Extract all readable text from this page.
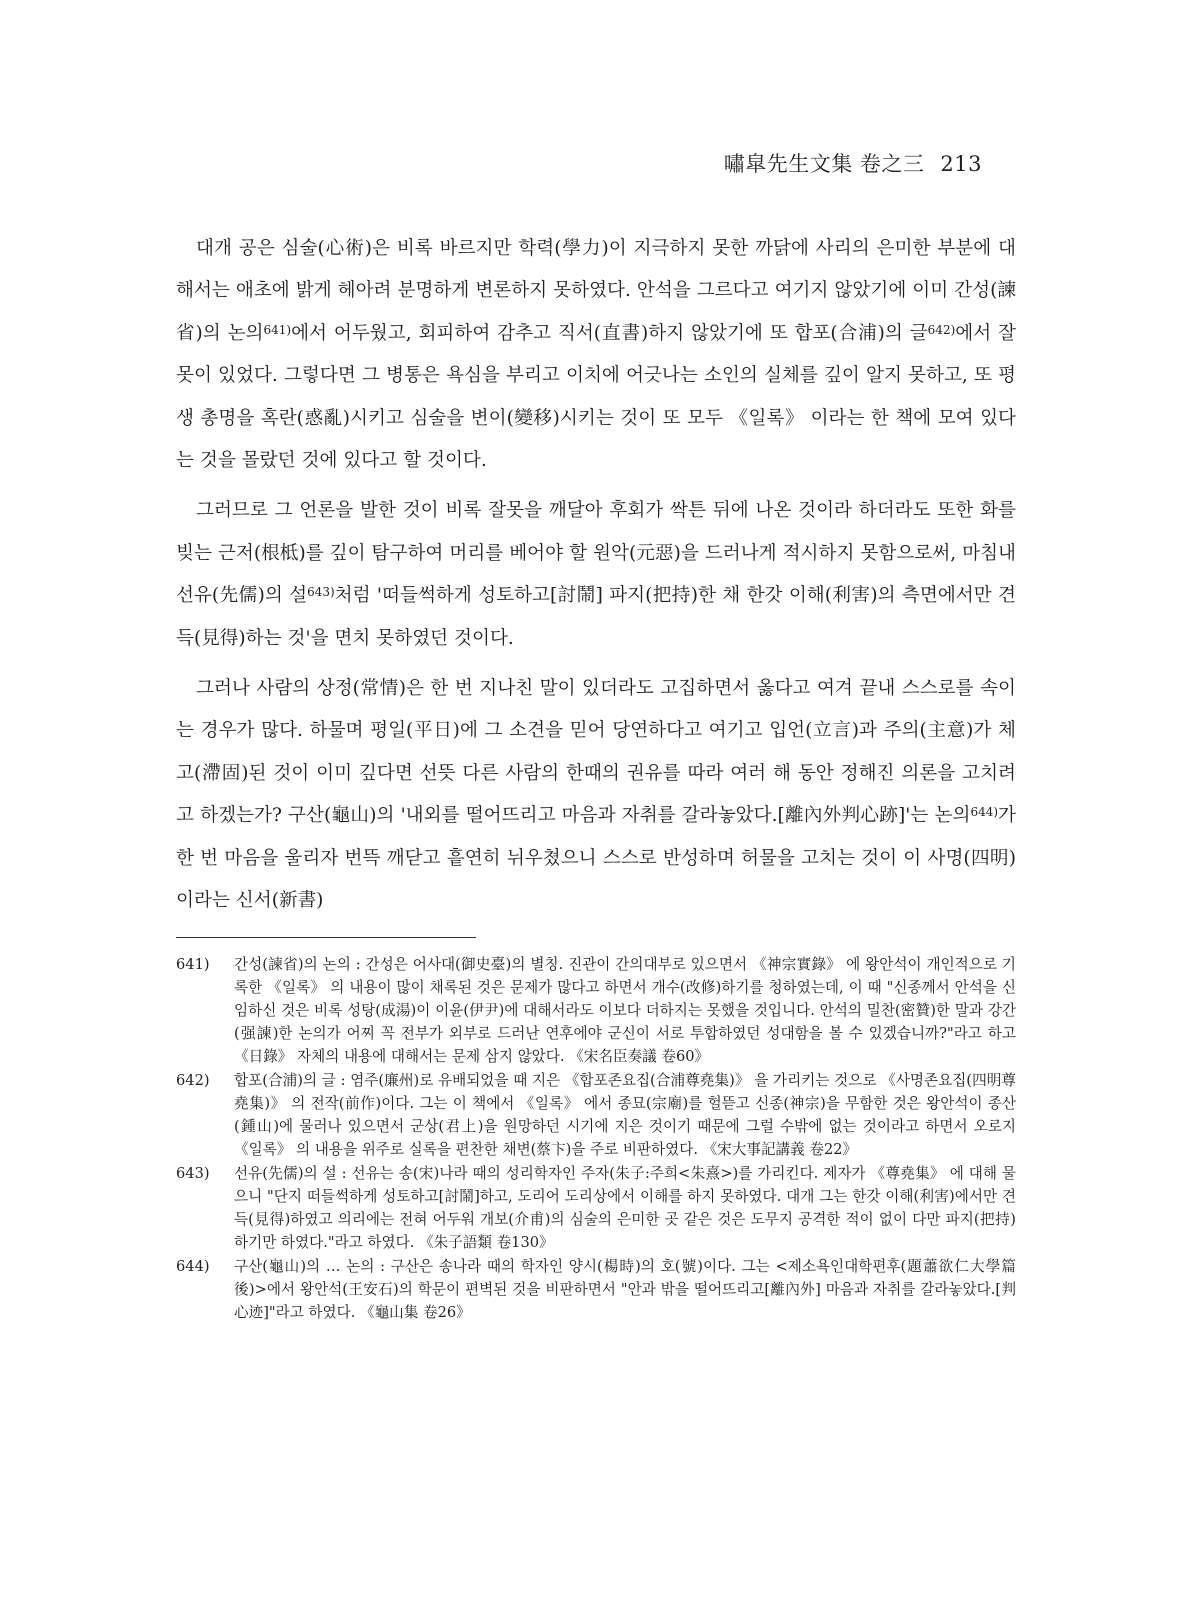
嘯皐先生文集 卷之三 213

대개 공은 심술(心術)은 비록 바르지만 학력(學力)이 지극하지 못한 까닭에 사리의 은미한 부분에 대해서는 애초에 밝게 헤아려 분명하게 변론하지 못하였다. 안석을 그르다고 여기지 않았기에 이미 간성(諫省)의 논의$^{641)}$에서 어두웠고, 회피하여 감추고 직서(直書)하지 않았기에 또 합포(合浦)의 글$^{642)}$에서 잘못이 있었다. 그렇다면 그 병통은 욕심을 부리고 이치에 어긋나는 소인의 실체를 깊이 알지 못하고, 또 평생 총명을 혹란(惑亂)시키고 심술을 변이(變移)시키는 것이 또 모두 《일록》 이라는 한 책에 모여 있다는 것을 몰랐던 것에 있다고 할 것이다.

그러므로 그 언론을 발한 것이 비록 잘못을 깨달아 후회가 싹튼 뒤에 나온 것이라 하더라도 또한 화를 빚는 근저(根柢)를 깊이 탐구하여 머리를 베어야 할 원악(元惡)을 드러나게 적시하지 못함으로써, 마침내 선유(先儒)의 설$^{643)}$처럼 '떠들썩하게 성토하고[討鬧] 파지(把持)한 채 한갓 이해(利害)의 측면에서만 견득(見得)하는 것'을 면치 못하였던 것이다.

그러나 사람의 상정(常情)은 한 번 지나친 말이 있더라도 고집하면서 옳다고 여겨 끝내 스스로를 속이는 경우가 많다. 하물며 평일(平日)에 그 소견을 믿어 당연하다고 여기고 입언(立言)과 주의(主意)가 체고(滯固)된 것이 이미 깊다면 선뜻 다른 사람의 한때의 권유를 따라 여러 해 동안 정해진 의론을 고치려고 하겠는가? 구산(龜山)의 '내외를 떨어뜨리고 마음과 자취를 갈라놓았다.[離內外判心跡]'는 논의$^{644)}$가 한 번 마음을 울리자 번뜩 깨닫고 흩연히 뉘우쳤으니 스스로 반성하며 허물을 고치는 것이 이 사명(四明)이라는 신서(新書)

641)	간성(諫省)의 논의 : 간성은 어사대(御史臺)의 별칭. 진관이 간의대부로 있으면서 《神宗實錄》 에 왕안석이 개인적으로 기록한 《일록》 의 내용이 많이 채록된 것은 문제가 많다고 하면서 개수(改修)하기를 청하였는데, 이 때 "신종께서 안석을 신임하신 것은 비록 성탕(成湯)이 이윤(伊尹)에 대해서라도 이보다 더하지는 못했을 것입니다. 안석의 밀찬(密贊)한 말과 강간(强諫)한 논의가 어찌 꼭 전부가 외부로 드러난 연후에야 군신이 서로 투합하였던 성대함을 볼 수 있겠습니까?"라고 하고 《日錄》 자체의 내용에 대해서는 문제 삼지 않았다. 《宋名臣奏議 卷60》
642)	합포(合浦)의 글 : 염주(廉州)로 유배되었을 때 지은 《합포존요집(合浦尊堯集)》 을 가리키는 것으로 《사명존요집(四明尊堯集)》 의 전작(前作)이다. 그는 이 책에서 《일록》 에서 종묘(宗廟)를 헐뜯고 신종(神宗)을 무함한 것은 왕안석이 종산(鍾山)에 물러나 있으면서 군상(君上)을 원망하던 시기에 지은 것이기 때문에 그럴 수밖에 없는 것이라고 하면서 오로지 《일록》 의 내용을 위주로 실록을 편찬한 채변(蔡卞)을 주로 비판하였다. 《宋大事記講義 卷22》
643)	선유(先儒)의 설 : 선유는 송(宋)나라 때의 성리학자인 주자(朱子:주희<朱熹>)를 가리킨다. 제자가 《尊堯集》 에 대해 물으니 "단지 떠들썩하게 성토하고[討鬧]하고, 도리어 도리상에서 이해를 하지 못하였다. 대개 그는 한갓 이해(利害)에서만 견득(見得)하였고 의리에는 전혀 어두워 개보(介甫)의 심술의 은미한 곳 같은 것은 도무지 공격한 적이 없이 다만 파지(把持)하기만 하였다."라고 하였다. 《朱子語類 卷130》
644)	구산(龜山)의 … 논의 : 구산은 송나라 때의 학자인 양시(楊時)의 호(號)이다. 그는 <제소욕인대학편후(題蕭欲仁大學篇後)>에서 왕안석(王安石)의 학문이 편벽된 것을 비판하면서 "안과 밖을 떨어뜨리고[離內外] 마음과 자취를 갈라놓았다.[判心迹]"라고 하였다. 《龜山集 卷26》
